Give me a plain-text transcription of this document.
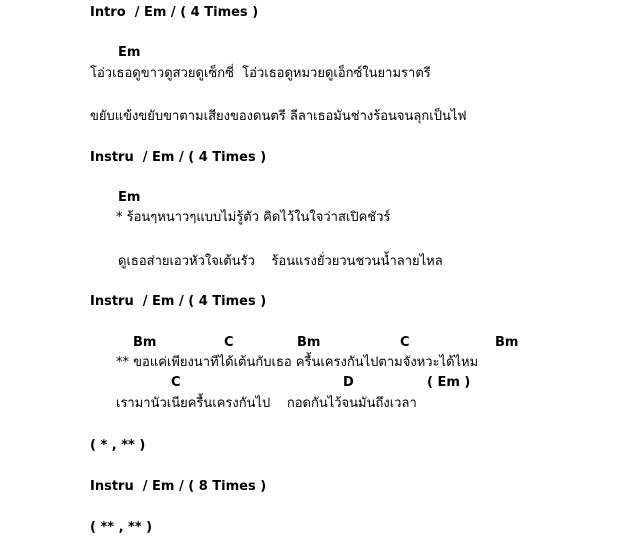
Intro  / Em / ( 4 Times )
Em
โอ่วเธอดูขาวดูสวยดูเซ็กซี่  โอ่วเธอดูหมวยดูเอ็กซ์ในยามราตรี
ขยับแข้งขยับขาตามเสียงของดนตรี ลีลาเธอมันช่างร้อนจนลุกเป็นไฟ
Instru  / Em / ( 4 Times )
Em
* ร้อนๆหนาวๆแบบไม่รู้ตัว คิดไว้ในใจว่าสเปิคชัวร์
ดูเธอส่ายเอวหัวใจเต้นรัว    ร้อนแรงยั่วยวนชวนน้ำลายไหล
Instru  / Em / ( 4 Times )
Bm	C	Bm	C	Bm
** ขอแค่เพียงนาทีได้เต้นกับเธอ ครื้นเครงกันไปตามจังหวะได้ไหม
C	D	( Em )
เรามานัวเนียครื้นเครงกันไป    กอดกันไว้จนมันถึงเวลา
( * , ** )
Instru  / Em / ( 8 Times )
( ** , ** )
